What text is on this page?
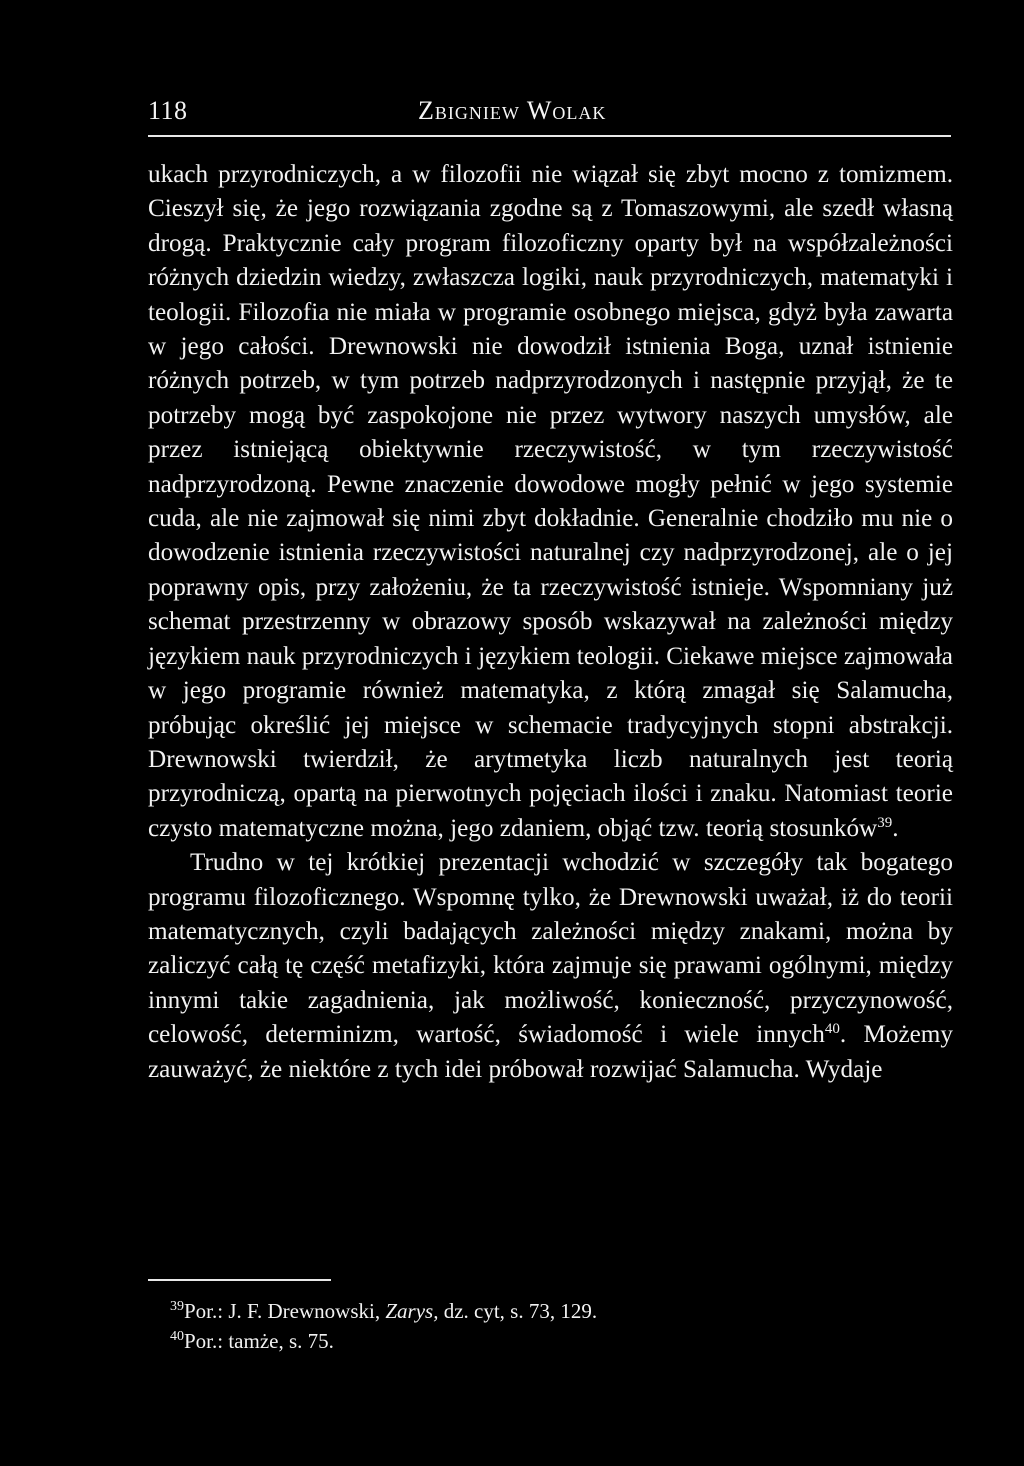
118	Zbigniew Wolak

ukach przyrodniczych, a w filozofii nie wiązał się zbyt mocno z tomizmem. Cieszył się, że jego rozwiązania zgodne są z Tomaszowymi, ale szedł własną drogą. Praktycznie cały program filozoficzny oparty był na współzależności różnych dziedzin wiedzy, zwłaszcza logiki, nauk przyrodniczych, matematyki i teologii. Filozofia nie miała w programie osobnego miejsca, gdyż była zawarta w jego całości. Drewnowski nie dowodził istnienia Boga, uznał istnienie różnych potrzeb, w tym potrzeb nadprzyrodzonych i następnie przyjął, że te potrzeby mogą być zaspokojone nie przez wytwory naszych umysłów, ale przez istniejącą obiektywnie rzeczywistość, w tym rzeczywistość nadprzyrodzoną. Pewne znaczenie dowodowe mogły pełnić w jego systemie cuda, ale nie zajmował się nimi zbyt dokładnie. Generalnie chodziło mu nie o dowodzenie istnienia rzeczywistości naturalnej czy nadprzyrodzonej, ale o jej poprawny opis, przy założeniu, że ta rzeczywistość istnieje. Wspomniany już schemat przestrzenny w obrazowy sposób wskazywał na zależności między językiem nauk przyrodniczych i językiem teologii. Ciekawe miejsce zajmowała w jego programie również matematyka, z którą zmagał się Salamucha, próbując określić jej miejsce w schemacie tradycyjnych stopni abstrakcji. Drewnowski twierdził, że arytmetyka liczb naturalnych jest teorią przyrodniczą, opartą na pierwotnych pojęciach ilości i znaku. Natomiast teorie czysto matematyczne można, jego zdaniem, objąć tzw. teorią stosunków$^{39}$.

Trudno w tej krótkiej prezentacji wchodzić w szczegóły tak bogatego programu filozoficznego. Wspomnę tylko, że Drewnowski uważał, iż do teorii matematycznych, czyli badających zależności między znakami, można by zaliczyć całą tę część metafizyki, która zajmuje się prawami ogólnymi, między innymi takie zagadnienia, jak możliwość, konieczność, przyczynowość, celowość, determinizm, wartość, świadomość i wiele innych$^{40}$. Możemy zauważyć, że niektóre z tych idei próbował rozwijać Salamucha. Wydaje

$^{39}$Por.: J. F. Drewnowski, Zarys, dz. cyt, s. 73, 129.
$^{40}$Por.: tamże, s. 75.
